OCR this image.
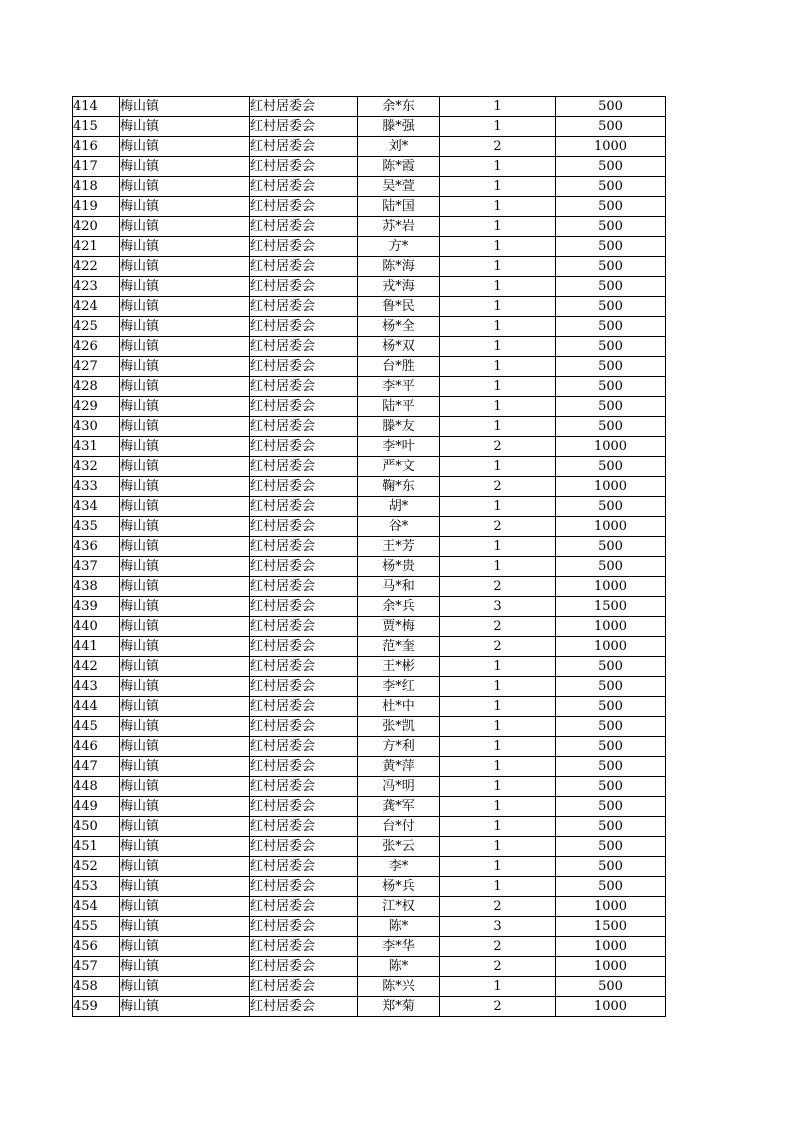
414	梅山镇	红村居委会	余*东	1	500
415	梅山镇	红村居委会	滕*强	1	500
416	梅山镇	红村居委会	刘*	2	1000
417	梅山镇	红村居委会	陈*霞	1	500
418	梅山镇	红村居委会	吴*萱	1	500
419	梅山镇	红村居委会	陆*国	1	500
420	梅山镇	红村居委会	苏*岩	1	500
421	梅山镇	红村居委会	方*	1	500
422	梅山镇	红村居委会	陈*海	1	500
423	梅山镇	红村居委会	戎*海	1	500
424	梅山镇	红村居委会	鲁*民	1	500
425	梅山镇	红村居委会	杨*全	1	500
426	梅山镇	红村居委会	杨*双	1	500
427	梅山镇	红村居委会	台*胜	1	500
428	梅山镇	红村居委会	李*平	1	500
429	梅山镇	红村居委会	陆*平	1	500
430	梅山镇	红村居委会	滕*友	1	500
431	梅山镇	红村居委会	李*叶	2	1000
432	梅山镇	红村居委会	严*文	1	500
433	梅山镇	红村居委会	鞠*东	2	1000
434	梅山镇	红村居委会	胡*	1	500
435	梅山镇	红村居委会	谷*	2	1000
436	梅山镇	红村居委会	王*芳	1	500
437	梅山镇	红村居委会	杨*贵	1	500
438	梅山镇	红村居委会	马*和	2	1000
439	梅山镇	红村居委会	余*兵	3	1500
440	梅山镇	红村居委会	贾*梅	2	1000
441	梅山镇	红村居委会	范*奎	2	1000
442	梅山镇	红村居委会	王*彬	1	500
443	梅山镇	红村居委会	李*红	1	500
444	梅山镇	红村居委会	杜*中	1	500
445	梅山镇	红村居委会	张*凯	1	500
446	梅山镇	红村居委会	方*利	1	500
447	梅山镇	红村居委会	黄*萍	1	500
448	梅山镇	红村居委会	冯*明	1	500
449	梅山镇	红村居委会	龚*军	1	500
450	梅山镇	红村居委会	台*付	1	500
451	梅山镇	红村居委会	张*云	1	500
452	梅山镇	红村居委会	李*	1	500
453	梅山镇	红村居委会	杨*兵	1	500
454	梅山镇	红村居委会	江*权	2	1000
455	梅山镇	红村居委会	陈*	3	1500
456	梅山镇	红村居委会	李*华	2	1000
457	梅山镇	红村居委会	陈*	2	1000
458	梅山镇	红村居委会	陈*兴	1	500
459	梅山镇	红村居委会	郑*菊	2	1000
